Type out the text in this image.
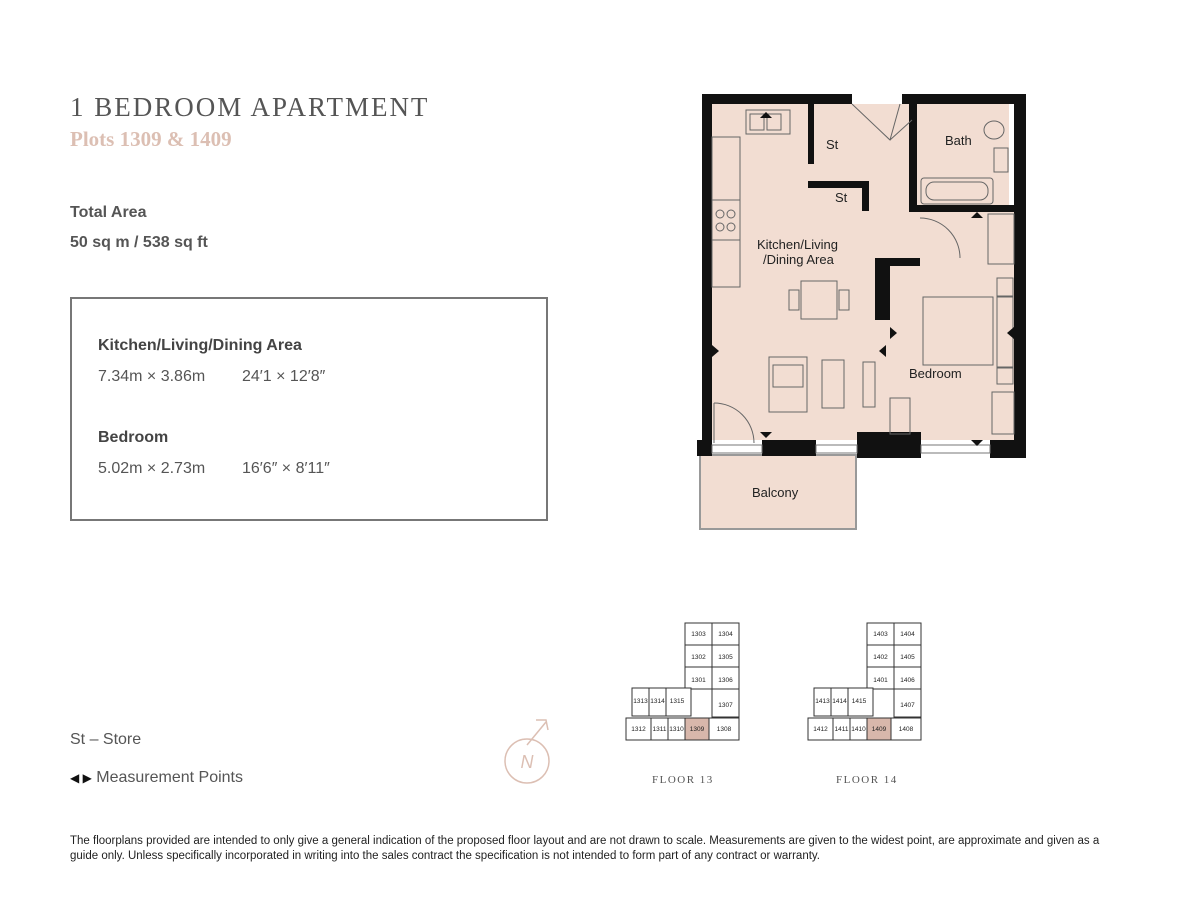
1 BEDROOM APARTMENT
Plots 1309 & 1409
Total Area
50 sq m / 538 sq ft
Kitchen/Living/Dining Area
7.34m × 3.86m 24′1 × 12′8″
Bedroom
5.02m × 2.73m 16′6″ × 8′11″
St – Store
◀ ▶ Measurement Points
St
St
Bath
Kitchen/Living
/Dining Area
Bedroom
Balcony
N
1303 1304
1302 1305
1301 1306
1313 1314 1315
1307
1312 1311 1310 1309 1308
FLOOR 13
1403 1404
1402 1405
1401 1406
1413 1414 1415
1407
1412 1411 1410 1409 1408
FLOOR 14
The floorplans provided are intended to only give a general indication of the proposed floor layout and are not drawn to scale. Measurements are given to the widest point, are approximate and given as a guide only. Unless specifically incorporated in writing into the sales contract the specification is not intended to form part of any contract or warranty.
